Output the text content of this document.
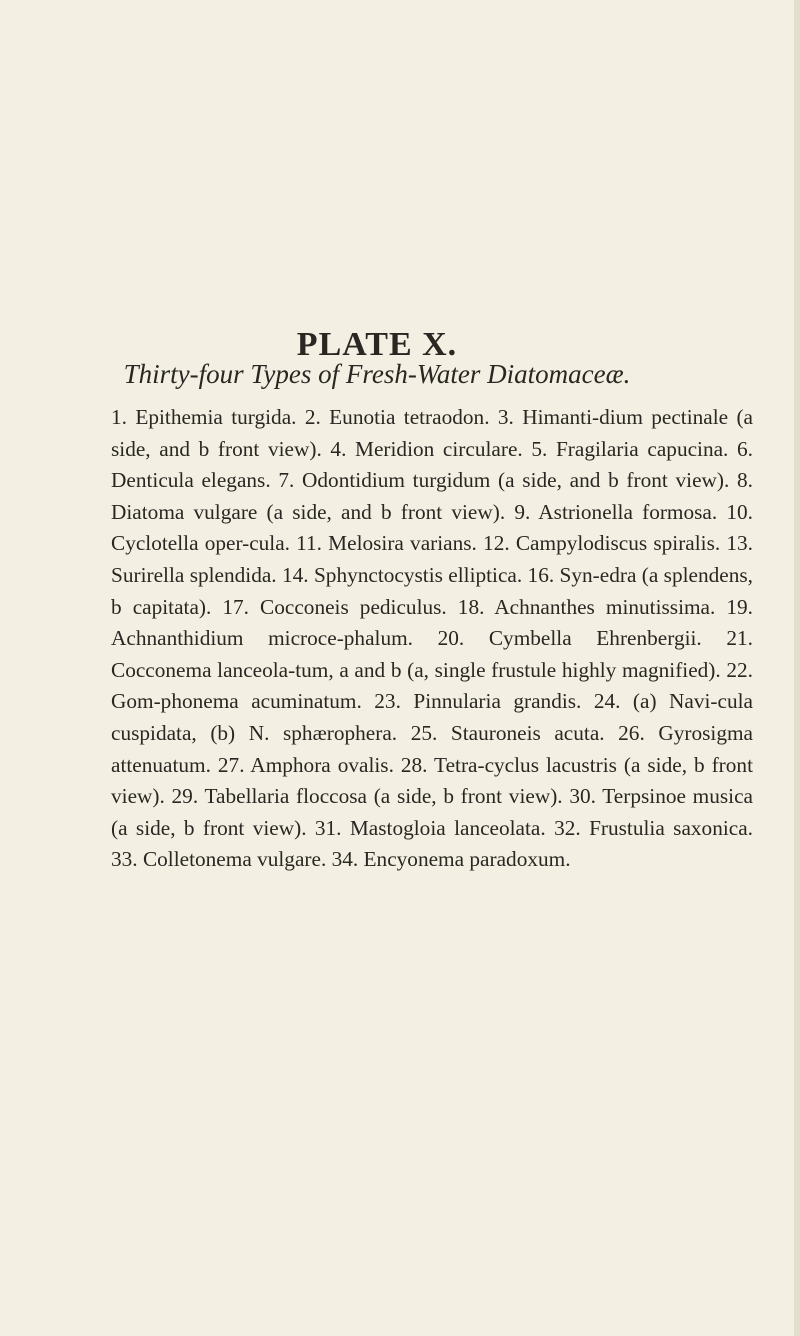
PLATE X.
Thirty-four Types of Fresh-Water Diatomaceæ.

1. Epithemia turgida. 2. Eunotia tetraodon. 3. Himanti-dium pectinale (a side, and b front view). 4. Meridion circulare. 5. Fragilaria capucina. 6. Denticula elegans. 7. Odontidium turgidum (a side, and b front view). 8. Diatoma vulgare (a side, and b front view). 9. Astrionella formosa. 10. Cyclotella oper-cula. 11. Melosira varians. 12. Campylodiscus spiralis. 13. Surirella splendida. 14. Sphynctocystis elliptica. 16. Syn-edra (a splendens, b capitata). 17. Cocconeis pediculus. 18. Achnanthes minutissima. 19. Achnanthidium microce-phalum. 20. Cymbella Ehrenbergii. 21. Cocconema lanceola-tum, a and b (a, single frustule highly magnified). 22. Gom-phonema acuminatum. 23. Pinnularia grandis. 24. (a) Navi-cula cuspidata, (b) N. sphærophera. 25. Stauroneis acuta. 26. Gyrosigma attenuatum. 27. Amphora ovalis. 28. Tetra-cyclus lacustris (a side, b front view). 29. Tabellaria floccosa (a side, b front view). 30. Terpsinoe musica (a side, b front view). 31. Mastogloia lanceolata. 32. Frustulia saxonica. 33. Colletonema vulgare. 34. Encyonema paradoxum.
